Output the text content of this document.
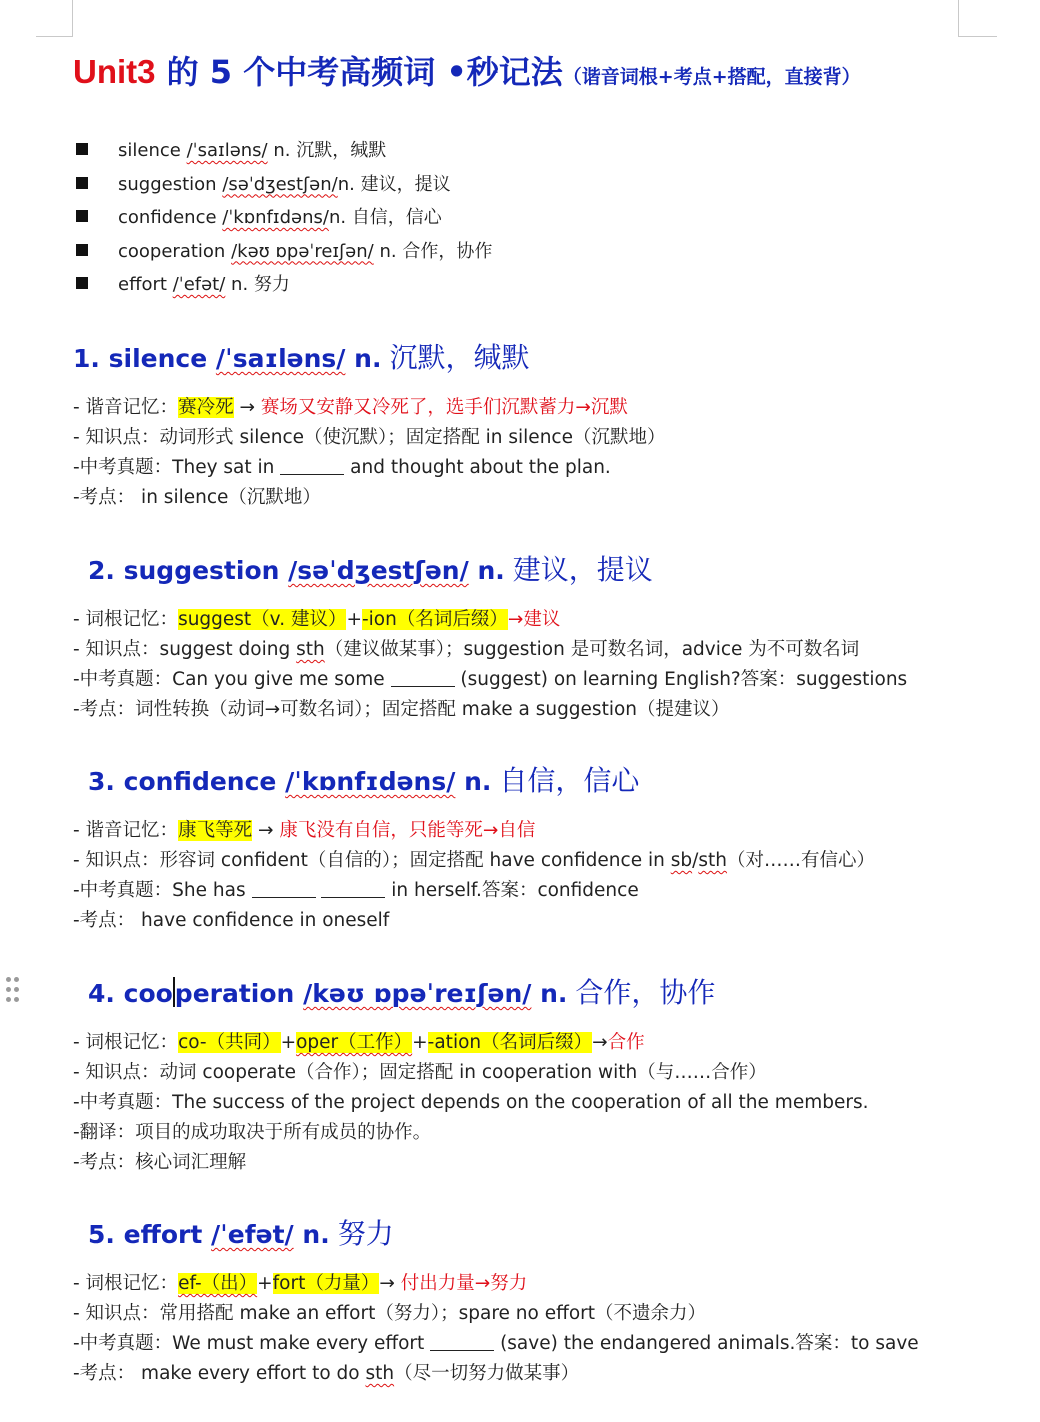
Unit3 的 5 个中考高频词 •秒记法（谐音词根+考点+搭配，直接背）
silence /ˈsaɪləns/ n. 沉默，缄默
suggestion /səˈdʒestʃən/n. 建议，提议
confidence /ˈkɒnfɪdəns/n. 自信，信心
cooperation /kəʊ ɒpəˈreɪʃən/ n. 合作，协作
effort /ˈefət/ n. 努力
1. silence /ˈsaɪləns/ n. 沉默，缄默
- 谐音记忆：赛冷死 → 赛场又安静又冷死了，选手们沉默蓄力→沉默
- 知识点：动词形式 silence（使沉默）；固定搭配 in silence（沉默地）
-中考真题：They sat in	and thought about the plan.
-考点： in silence（沉默地）
2. suggestion /səˈdʒestʃən/ n. 建议，提议
- 词根记忆：suggest（v. 建议）+-ion（名词后缀）→建议
- 知识点：suggest doing sth（建议做某事）；suggestion 是可数名词，advice 为不可数名词
-中考真题：Can you give me some	(suggest) on learning English?答案：suggestions
-考点：词性转换（动词→可数名词）；固定搭配 make a suggestion（提建议）
3. confidence /ˈkɒnfɪdəns/ n. 自信，信心
- 谐音记忆：康飞等死 → 康飞没有自信，只能等死→自信
- 知识点：形容词 confident（自信的）；固定搭配 have confidence in sb/sth（对……有信心）
-中考真题：She has	in herself.答案：confidence
-考点： have confidence in oneself
4. cooperation /kəʊ ɒpəˈreɪʃən/ n. 合作，协作
- 词根记忆：co-（共同）+oper（工作）+-ation（名词后缀）→合作
- 知识点：动词 cooperate（合作）；固定搭配 in cooperation with（与……合作）
-中考真题：The success of the project depends on the cooperation of all the members.
-翻译：项目的成功取决于所有成员的协作。
-考点：核心词汇理解
5. effort /ˈefət/ n. 努力
- 词根记忆：ef-（出）+fort（力量）→ 付出力量→努力
- 知识点：常用搭配 make an effort（努力）；spare no effort（不遗余力）
-中考真题：We must make every effort	(save) the endangered animals.答案：to save
-考点： make every effort to do sth（尽一切努力做某事）
